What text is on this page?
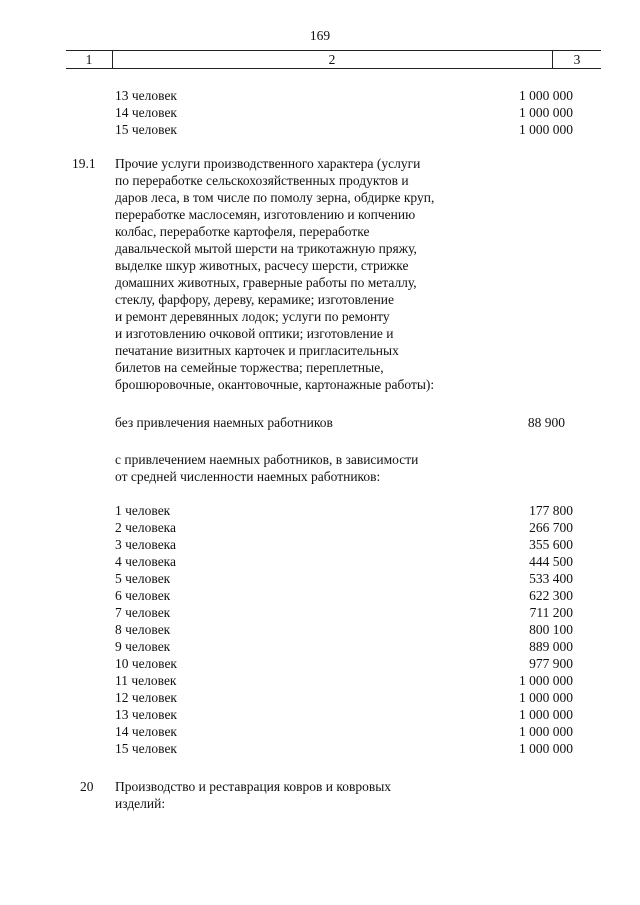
169
1	2	3
13 человек	1 000 000
14 человек	1 000 000
15 человек	1 000 000
19.1	Прочие услуги производственного характера (услуги
по переработке сельскохозяйственных продуктов и
даров леса, в том числе по помолу зерна, обдирке круп,
переработке маслосемян, изготовлению и копчению
колбас, переработке картофеля, переработке
давальческой мытой шерсти на трикотажную пряжу,
выделке шкур животных, расчесу шерсти, стрижке
домашних животных, граверные работы по металлу,
стеклу, фарфору, дереву, керамике; изготовление
и ремонт деревянных лодок; услуги по ремонту
и изготовлению очковой оптики; изготовление и
печатание визитных карточек и пригласительных
билетов на семейные торжества; переплетные,
брошюровочные, окантовочные, картонажные работы):
без привлечения наемных работников	88 900
с привлечением наемных работников, в зависимости
от средней численности наемных работников:
1 человек	177 800
2 человека	266 700
3 человека	355 600
4 человека	444 500
5 человек	533 400
6 человек	622 300
7 человек	711 200
8 человек	800 100
9 человек	889 000
10 человек	977 900
11 человек	1 000 000
12 человек	1 000 000
13 человек	1 000 000
14 человек	1 000 000
15 человек	1 000 000
20	Производство и реставрация ковров и ковровых
изделий:
